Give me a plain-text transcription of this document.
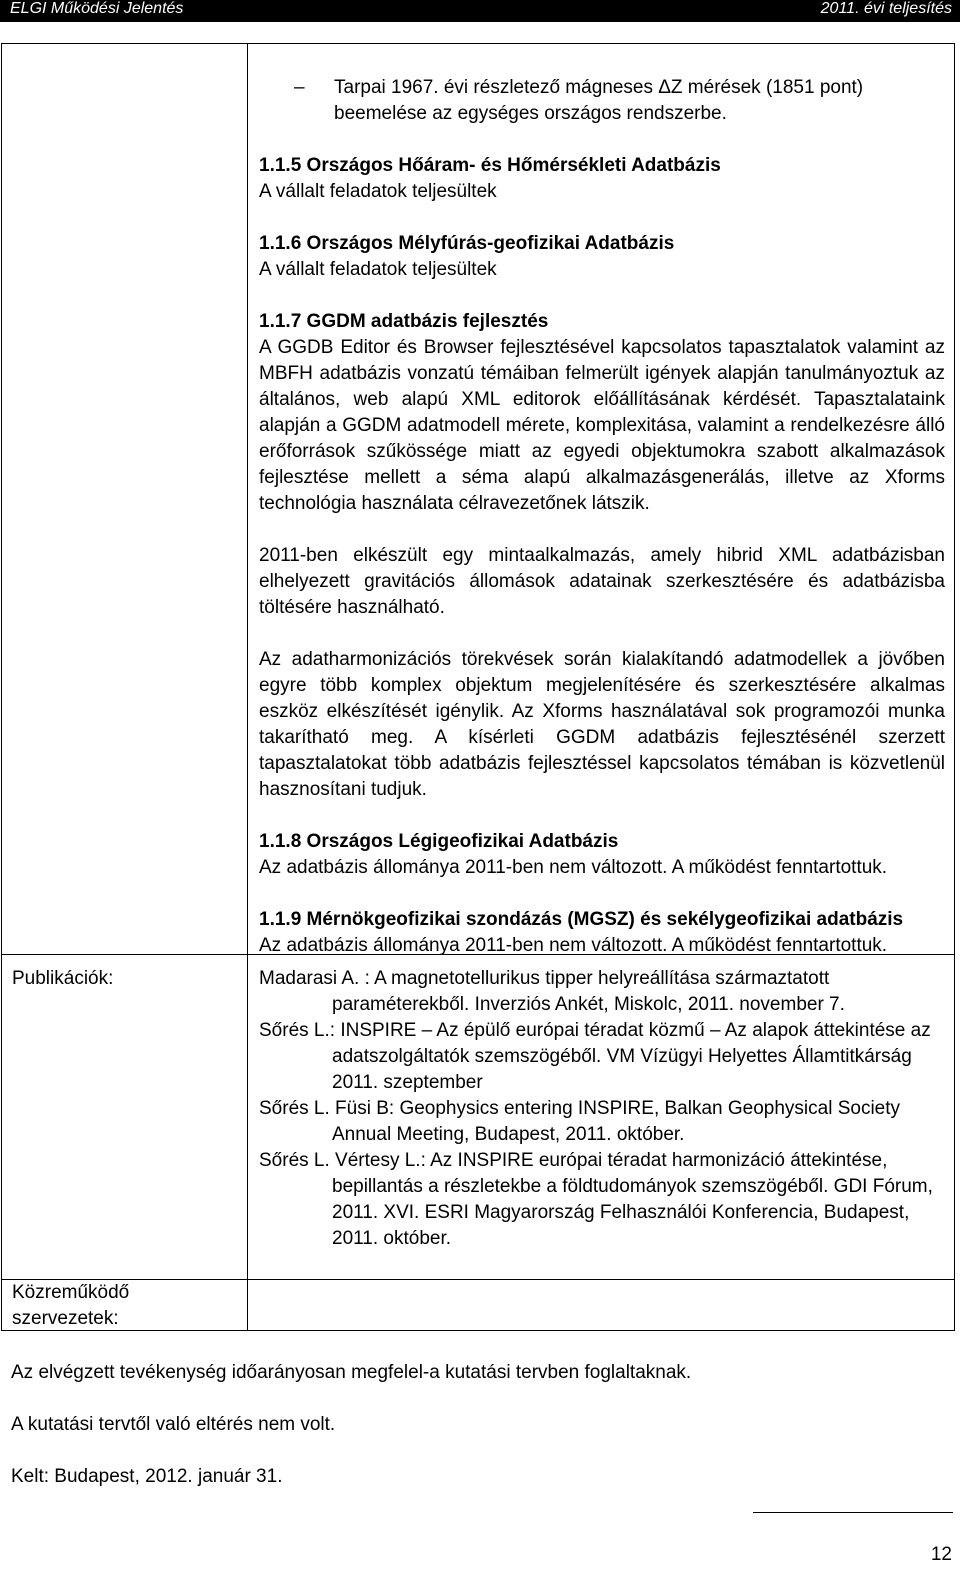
ELGI Működési Jelentés	2011. évi teljesítés
– Tarpai 1967. évi részletező mágneses ΔZ mérések (1851 pont)
beemelése az egységes országos rendszerbe.

1.1.5 Országos Hőáram- és Hőmérsékleti Adatbázis

A vállalt feladatok teljesültek

1.1.6 Országos Mélyfúrás-geofizikai Adatbázis

A vállalt feladatok teljesültek

1.1.7 GGDM adatbázis fejlesztés

A GGDB Editor és Browser fejlesztésével kapcsolatos tapasztalatok valamint az MBFH adatbázis vonzatú témáiban felmerült igények alapján tanulmányoztuk az általános, web alapú XML editorok előállításának kérdését. Tapasztalataink alapján a GGDM adatmodell mérete, komplexitása, valamint a rendelkezésre álló erőforrások szűkössége miatt az egyedi objektumokra szabott alkalmazások fejlesztése mellett a séma alapú alkalmazásgenerálás, illetve az Xforms technológia használata célravezetőnek látszik.

2011-ben elkészült egy mintaalkalmazás, amely hibrid XML adatbázisban elhelyezett gravitációs állomások adatainak szerkesztésére és adatbázisba töltésére használható.

Az adatharmonizációs törekvések során kialakítandó adatmodellek a jövőben egyre több komplex objektum megjelenítésére és szerkesztésére alkalmas eszköz elkészítését igénylik. Az Xforms használatával sok programozói munka takarítható meg. A kísérleti GGDM adatbázis fejlesztésénél szerzett tapasztalatokat több adatbázis fejlesztéssel kapcsolatos témában is közvetlenül hasznosítani tudjuk.

1.1.8 Országos Légigeofizikai Adatbázis

Az adatbázis állománya 2011-ben nem változott. A működést fenntartottuk.

1.1.9 Mérnökgeofizikai szondázás (MGSZ) és sekélygeofizikai adatbázis

Az adatbázis állománya 2011-ben nem változott. A működést fenntartottuk.

Publikációk:	Madarasi A. : A magnetotellurikus tipper helyreállítása származtatott paraméterekből. Inverziós Ankét, Miskolc, 2011. november 7.

Sőrés L.: INSPIRE – Az épülő európai téradat közmű – Az alapok áttekintése az adatszolgáltatók szemszögéből. VM Vízügyi Helyettes Államtitkárság 2011. szeptember

Sőrés L. Füsi B: Geophysics entering INSPIRE, Balkan Geophysical Society Annual Meeting, Budapest, 2011. október.

Sőrés L. Vértesy L.: Az INSPIRE európai téradat harmonizáció áttekintése, bepillantás a részletekbe a földtudományok szemszögéből. GDI Fórum, 2011. XVI. ESRI Magyarország Felhasználói Konferencia, Budapest, 2011. október.

Közreműködő
szervezetek:
Az elvégzett tevékenység időarányosan megfelel-a kutatási tervben foglaltaknak.
A kutatási tervtől való eltérés nem volt.
Kelt: Budapest, 2012. január 31.
12
